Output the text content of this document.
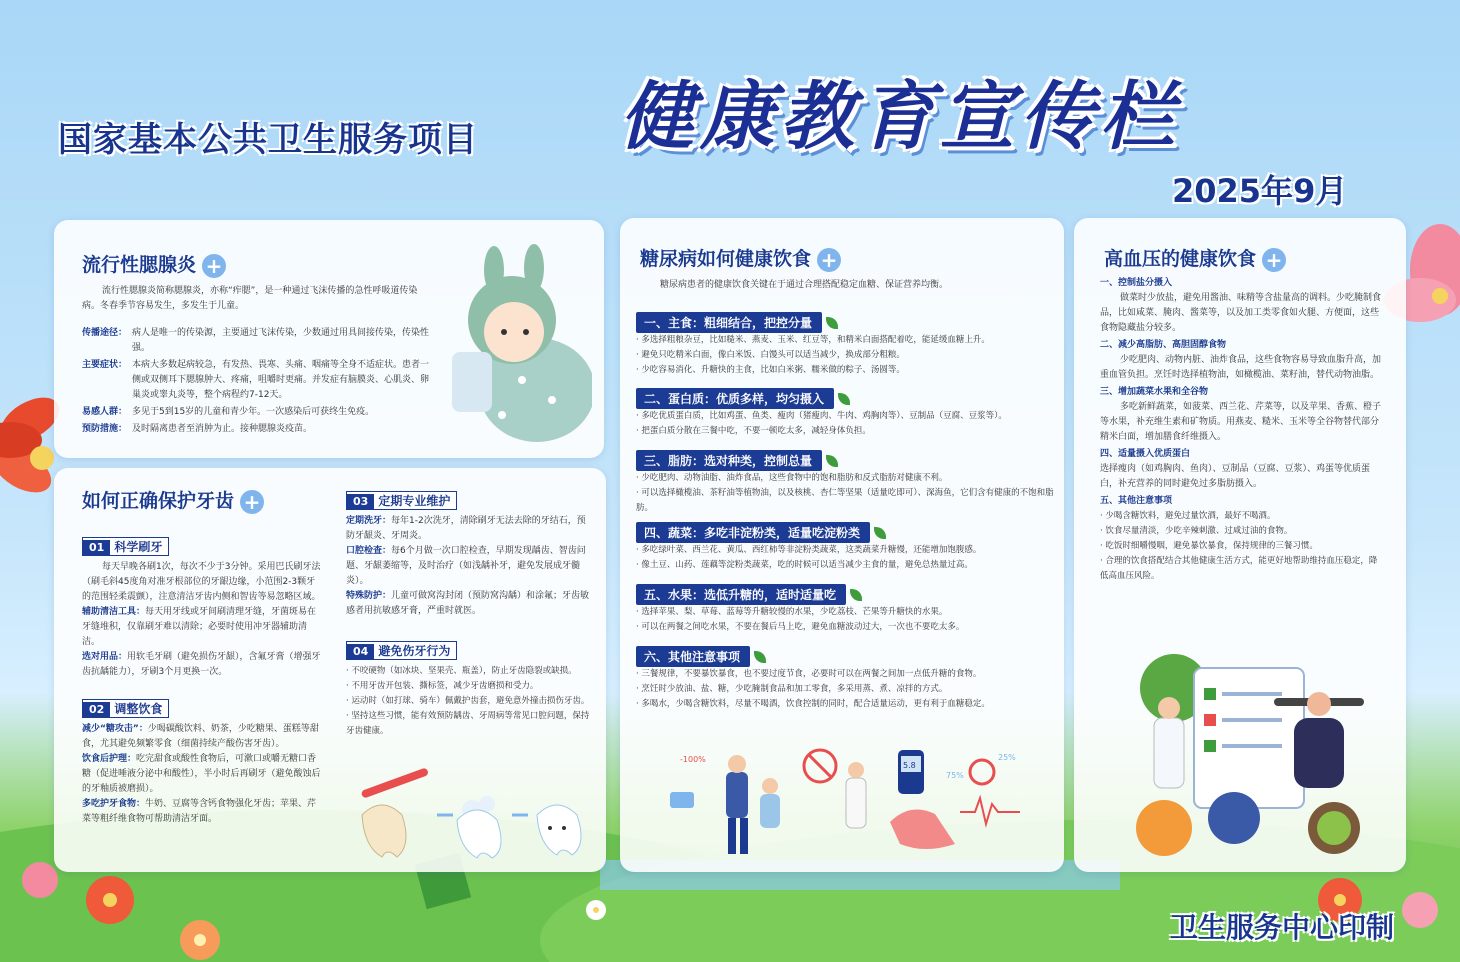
国家基本公共卫生服务项目 健康教育宣传栏
2025年9月
流行性腮腺炎 +
流行性腮腺炎简称腮腺炎，亦称“痄腮”，是一种通过飞沫传播的急性呼吸道传染病。冬春季节容易发生，多发生于儿童。
传播途径： 病人是唯一的传染源，主要通过飞沫传染，少数通过用具间接传染，传染性强。
主要症状： 本病大多数起病较急，有发热、畏寒、头痛、咽痛等全身不适症状。患者一侧或双侧耳下腮腺肿大、疼痛，咀嚼时更痛。并发症有脑膜炎、心肌炎、卵巢炎或睾丸炎等，整个病程约7-12天。
易感人群： 多见于5到15岁的儿童和青少年。一次感染后可获终生免疫。
预防措施： 及时隔离患者至消肿为止。接种腮腺炎疫苗。
如何正确保护牙齿 +
01 科学刷牙
每天早晚各刷1次，每次不少于3分钟。采用巴氏刷牙法（刷毛斜45度角对准牙根部位的牙龈边缘，小范围2-3颗牙的范围轻柔震颤），注意清洁牙齿内侧和智齿等易忽略区域。
辅助清洁工具：每天用牙线或牙间刷清理牙缝，牙菌斑易在牙缝堆积，仅靠刷牙难以清除；必要时使用冲牙器辅助清洁。
选对用品：用软毛牙刷（避免损伤牙龈），含氟牙膏（增强牙齿抗龋能力），牙刷3个月更换一次。
02 调整饮食
减少“糖攻击”：少喝碳酸饮料、奶茶，少吃糖果、蛋糕等甜食，尤其避免频繁零食（细菌持续产酸伤害牙齿）。
饮食后护理：吃完甜食或酸性食物后，可漱口或嚼无糖口香糖（促进唾液分泌中和酸性），半小时后再刷牙（避免酸蚀后的牙釉质被磨损）。
多吃护牙食物：牛奶、豆腐等含钙食物强化牙齿；苹果、芹菜等粗纤维食物可帮助清洁牙面。
03 定期专业维护
定期洗牙：每年1-2次洗牙，清除刷牙无法去除的牙结石，预防牙龈炎、牙周炎。
口腔检查：每6个月做一次口腔检查，早期发现龋齿、智齿问题、牙龈萎缩等，及时治疗（如浅龋补牙，避免发展成牙髓炎）。
特殊防护：儿童可做窝沟封闭（预防窝沟龋）和涂氟；牙齿敏感者用抗敏感牙膏，严重时就医。
04 避免伤牙行为
· 不咬硬物（如冰块、坚果壳、瓶盖），防止牙齿隐裂或缺损。
· 不用牙齿开包装、撕标签，减少牙齿磨损和受力。
· 运动时（如打球、骑车）佩戴护齿套，避免意外撞击损伤牙齿。
· 坚持这些习惯，能有效预防龋齿、牙周病等常见口腔问题，保持牙齿健康。
糖尿病如何健康饮食 +
糖尿病患者的健康饮食关键在于通过合理搭配稳定血糖、保证营养均衡。
一、主食：粗细结合，把控分量
· 多选择粗粮杂豆，比如糙米、燕麦、玉米、红豆等，和精米白面搭配着吃，能延缓血糖上升。
· 避免只吃精米白面，像白米饭、白馒头可以适当减少，换成部分粗粮。
· 少吃容易消化、升糖快的主食，比如白米粥、糯米做的粽子、汤圆等。
二、蛋白质：优质多样，均匀摄入
· 多吃优质蛋白质，比如鸡蛋、鱼类、瘦肉（猪瘦肉、牛肉、鸡胸肉等）、豆制品（豆腐、豆浆等）。
· 把蛋白质分散在三餐中吃，不要一顿吃太多，减轻身体负担。
三、脂肪：选对种类，控制总量
· 少吃肥肉、动物油脂、油炸食品，这些食物中的饱和脂肪和反式脂肪对健康不利。
· 可以选择橄榄油、茶籽油等植物油，以及核桃、杏仁等坚果（适量吃即可）、深海鱼，它们含有健康的不饱和脂肪。
四、蔬菜：多吃非淀粉类，适量吃淀粉类
· 多吃绿叶菜、西兰花、黄瓜、西红柿等非淀粉类蔬菜，这类蔬菜升糖慢，还能增加饱腹感。
· 像土豆、山药、莲藕等淀粉类蔬菜，吃的时候可以适当减少主食的量，避免总热量过高。
五、水果：选低升糖的，适时适量吃
· 选择苹果、梨、草莓、蓝莓等升糖较慢的水果，少吃荔枝、芒果等升糖快的水果。
· 可以在两餐之间吃水果，不要在餐后马上吃，避免血糖波动过大，一次也不要吃太多。
六、其他注意事项
· 三餐规律，不要暴饮暴食，也不要过度节食，必要时可以在两餐之间加一点低升糖的食物。
· 烹饪时少放油、盐、糖，少吃腌制食品和加工零食，多采用蒸、煮、凉拌的方式。
· 多喝水，少喝含糖饮料，尽量不喝酒，饮食控制的同时，配合适量运动，更有利于血糖稳定。
-100%
5.8
75%
25%
高血压的健康饮食 +
一、控制盐分摄入
做菜时少放盐，避免用酱油、味精等含盐量高的调料。少吃腌制食品，比如咸菜、腌肉、酱菜等，以及加工类零食如火腿、方便面，这些食物隐藏盐分较多。
二、减少高脂肪、高胆固醇食物
少吃肥肉、动物内脏、油炸食品，这些食物容易导致血脂升高，加重血管负担。烹饪时选择植物油，如橄榄油、菜籽油，替代动物油脂。
三、增加蔬菜水果和全谷物
多吃新鲜蔬菜，如菠菜、西兰花、芹菜等，以及苹果、香蕉、橙子等水果，补充维生素和矿物质。用燕麦、糙米、玉米等全谷物替代部分精米白面，增加膳食纤维摄入。
四、适量摄入优质蛋白
选择瘦肉（如鸡胸肉、鱼肉）、豆制品（豆腐、豆浆）、鸡蛋等优质蛋白，补充营养的同时避免过多脂肪摄入。
五、其他注意事项
· 少喝含糖饮料，避免过量饮酒，最好不喝酒。
· 饮食尽量清淡，少吃辛辣刺激、过咸过油的食物。
· 吃饭时细嚼慢咽，避免暴饮暴食，保持规律的三餐习惯。
· 合理的饮食搭配结合其他健康生活方式，能更好地帮助维持血压稳定，降低高血压风险。
卫生服务中心印制
